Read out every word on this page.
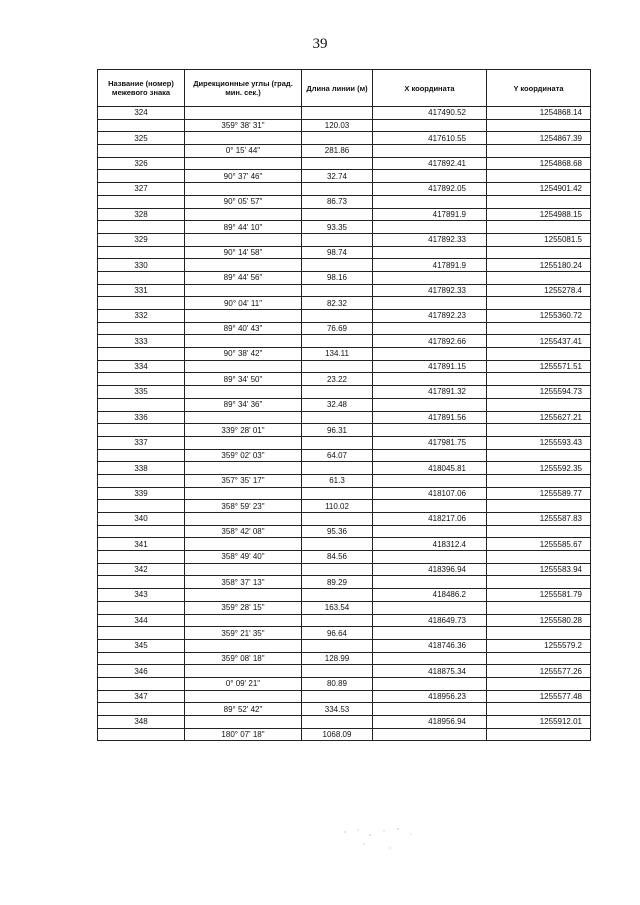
39
Название (номер) межевого знака	Дирекционные углы (град. мин. сек.)	Длина линии (м)	X координата	Y координата
324			417490.52	1254868.14
	359° 38' 31"	120.03		
325			417610.55	1254867.39
	0° 15' 44"	281.86		
326			417892.41	1254868.68
	90° 37' 46"	32.74		
327			417892.05	1254901.42
	90° 05' 57"	86.73		
328			417891.9	1254988.15
	89° 44' 10"	93.35		
329			417892.33	1255081.5
	90° 14' 58"	98.74		
330			417891.9	1255180.24
	89° 44' 56"	98.16		
331			417892.33	1255278.4
	90° 04' 11"	82.32		
332			417892.23	1255360.72
	89° 40' 43"	76.69		
333			417892.66	1255437.41
	90° 38' 42"	134.11		
334			417891.15	1255571.51
	89° 34' 50"	23.22		
335			417891.32	1255594.73
	89° 34' 36"	32.48		
336			417891.56	1255627.21
	339° 28' 01"	96.31		
337			417981.75	1255593.43
	359° 02' 03"	64.07		
338			418045.81	1255592.35
	357° 35' 17"	61.3		
339			418107.06	1255589.77
	358° 59' 23"	110.02		
340			418217.06	1255587.83
	358° 42' 08"	95.36		
341			418312.4	1255585.67
	358° 49' 40"	84.56		
342			418396.94	1255583.94
	358° 37' 13"	89.29		
343			418486.2	1255581.79
	359° 28' 15"	163.54		
344			418649.73	1255580.28
	359° 21' 35"	96.64		
345			418746.36	1255579.2
	359° 08' 18"	128.99		
346			418875.34	1255577.26
	0° 09' 21"	80.89		
347			418956.23	1255577.48
	89° 52' 42"	334.53		
348			418956.94	1255912.01
	180° 07' 18"	1068.09		
